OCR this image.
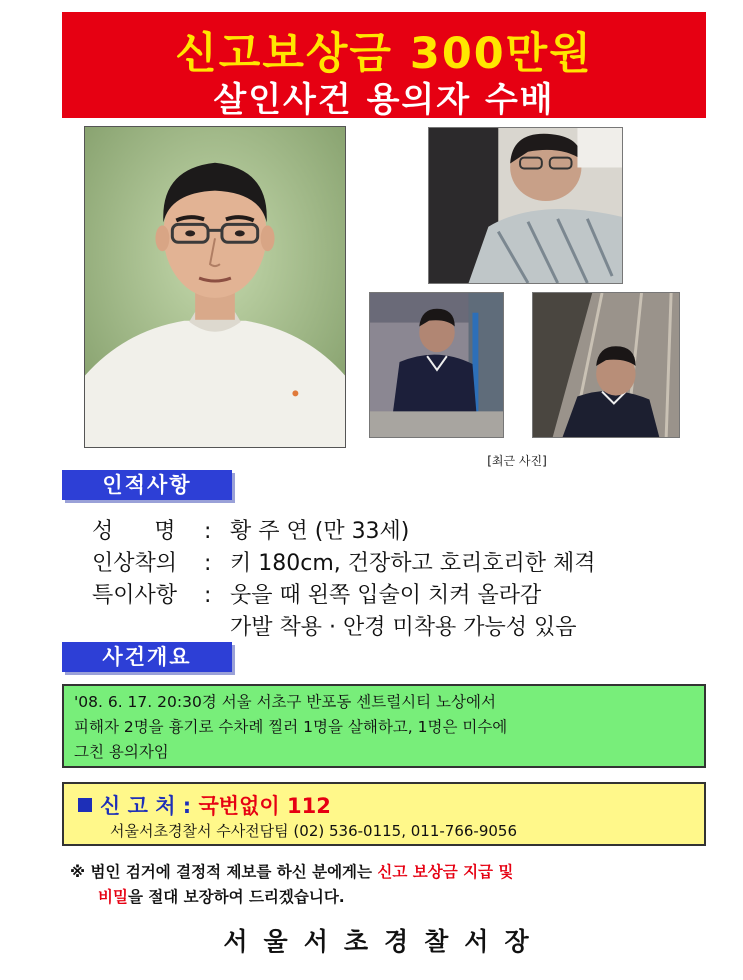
신고보상금 300만원
살인사건 용의자 수배
[최근 사진]
인적사항
성 명 : 황 주 연 (만 33세)
인상착의 : 키 180cm, 건장하고 호리호리한 체격
특이사항 : 웃을 때 왼쪽 입술이 치켜 올라감
가발 착용 · 안경 미착용 가능성 있음
사건개요
'08. 6. 17. 20:30경 서울 서초구 반포동 센트럴시티 노상에서
피해자 2명을 흉기로 수차례 찔러 1명을 살해하고, 1명은 미수에
그친 용의자임
신 고 처 : 국번없이 112
서울서초경찰서 수사전담팀 (02) 536-0115, 011-766-9056
※ 범인 검거에 결정적 제보를 하신 분에게는 신고 보상금 지급 및
비밀을 절대 보장하여 드리겠습니다.
서울서초경찰서장
